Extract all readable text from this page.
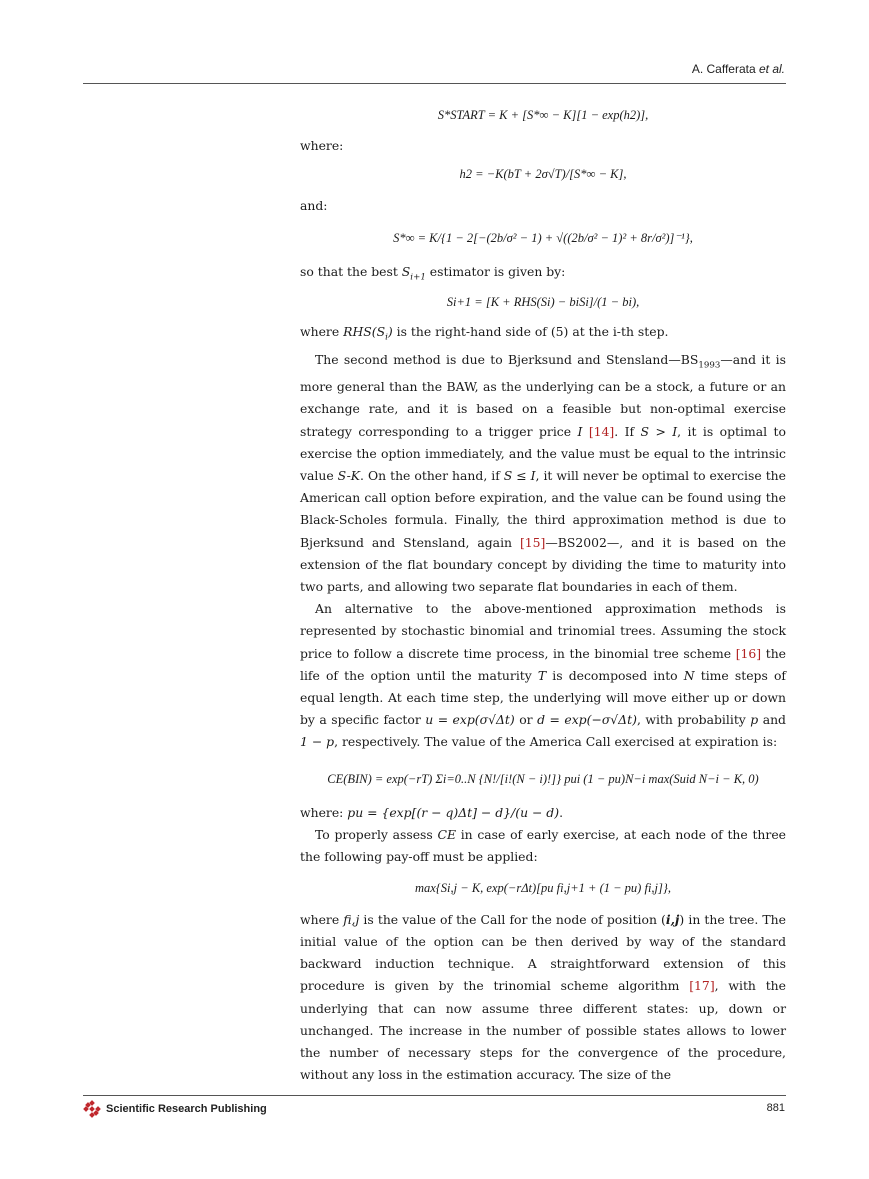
A. Cafferata et al.

S*START = K + [S*∞ − K][1 − exp(h2)],

where:

h2 = −K(bT + 2σ√T)/[S*∞ − K],

and:

S*∞ = K/{1 − 2[−(2b/σ² − 1) + √((2b/σ² − 1)² + 8r/σ²)]⁻¹},

so that the best $S_{i+1}$ estimator is given by:

Si+1 = [K + RHS(Si) − biSi]/(1 − bi),

where $RHS(S_i)$ is the right-hand side of (5) at the i-th step.

The second method is due to Bjerksund and $Stensland—BS_{1993}—and$ it is more general than the BAW, as the underlying can be a stock, a future or an exchange rate, and it is based on a feasible but non-optimal exercise strategy corresponding to a trigger price I [14]. If S > I, it is optimal to exercise the option immediately, and the value must be equal to the intrinsic value S-K. On the other hand, if S ≤ I, it will never be optimal to exercise the American call option before expiration, and the value can be found using the Black-Scholes formula. Finally, the third approximation method is due to Bjerksund and Stensland, again [15]—BS2002—, and it is based on the extension of the flat boundary concept by dividing the time to maturity into two parts, and allowing two separate flat boundaries in each of them.

An alternative to the above-mentioned approximation methods is represented by stochastic binomial and trinomial trees. Assuming the stock price to follow a discrete time process, in the binomial tree scheme [16] the life of the option until the maturity T is decomposed into N time steps of equal length. At each time step, the underlying will move either up or down by a specific factor u = exp(σ√Δt) or d = exp(−σ√Δt), with probability p and 1 − p, respectively. The value of the America Call exercised at expiration is:

CE(BIN) = exp(−rT) Σi=0..N {N!/[i!(N − i)!]} pui (1 − pu)N−i max(Suid N−i − K, 0)

where: pu = {exp[(r − q)Δt] − d}/(u − d).

To properly assess CE in case of early exercise, at each node of the three the following pay-off must be applied:

max{Si,j − K, exp(−rΔt)[pu fi,j+1 + (1 − pu) fi,j]},

where fi,j is the value of the Call for the node of position (i,j) in the tree. The initial value of the option can be then derived by way of the standard backward induction technique. A straightforward extension of this procedure is given by the trinomial scheme algorithm [17], with the underlying that can now assume three different states: up, down or unchanged. The increase in the number of possible states allows to lower the number of necessary steps for the convergence of the procedure, without any loss in the estimation accuracy. The size of the

Scientific Research Publishing	881
